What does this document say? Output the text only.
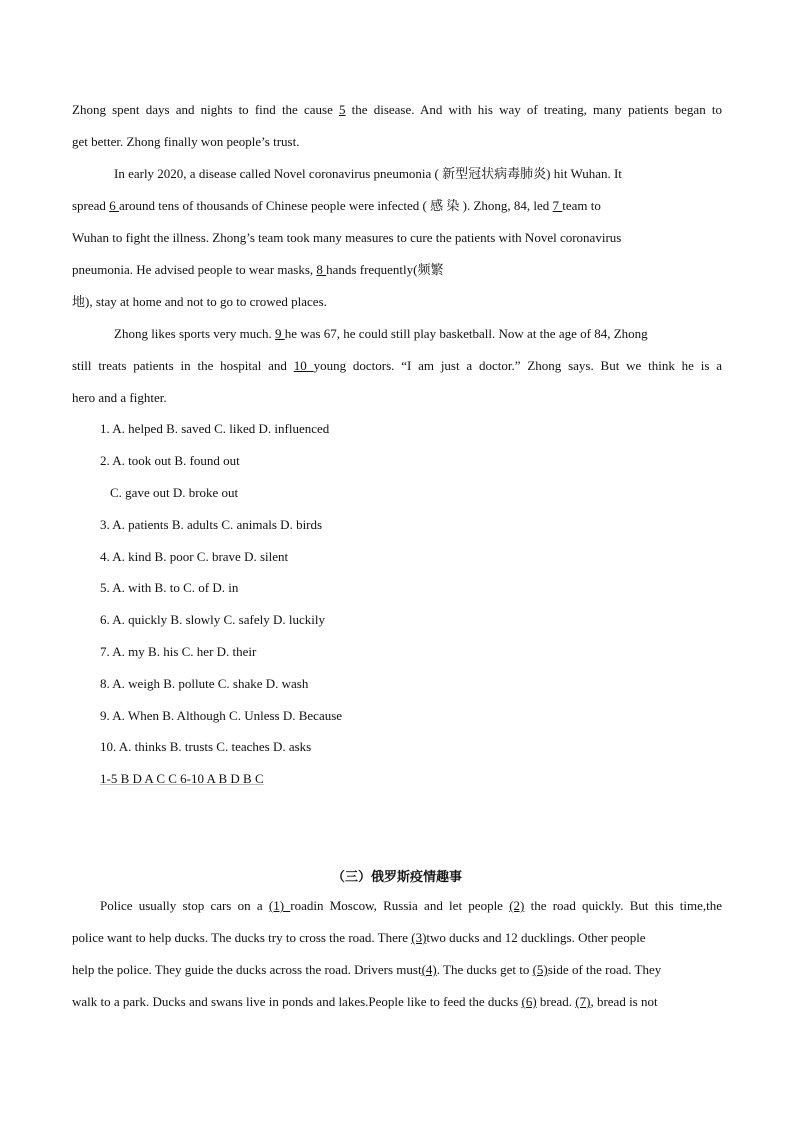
Zhong spent days and nights to find the cause 5 the disease. And with his way of treating, many patients began to
get better. Zhong finally won people’s trust.
In early 2020, a disease called Novel coronavirus pneumonia ( 新型冠状病毒肺炎) hit Wuhan. It
spread 6 around tens of thousands of Chinese people were infected ( 感 染 ). Zhong, 84, led 7 team to
Wuhan to fight the illness. Zhong’s team took many measures to cure the patients with Novel coronavirus
pneumonia. He advised people to wear masks, 8 hands frequently(频繁
地), stay at home and not to go to crowed places.
Zhong likes sports very much. 9 he was 67, he could still play basketball. Now at the age of 84, Zhong
still treats patients in the hospital and 10 young doctors. “I am just a doctor.” Zhong says. But we think he is a
hero and a fighter.
1. A. helped B. saved C. liked D. influenced
2. A. took out B. found out
C. gave out D. broke out
3. A. patients B. adults C. animals D. birds
4. A. kind B. poor C. brave D. silent
5. A. with B. to C. of D. in
6. A. quickly B. slowly C. safely D. luckily
7. A. my B. his C. her D. their
8. A. weigh B. pollute C. shake D. wash
9. A. When B. Although C. Unless D. Because
10. A. thinks B. trusts C. teaches D. asks
1-5 B D A C C 6-10 A B D B C
（三）俄罗斯疫情趣事
Police usually stop cars on a (1) roadin Moscow, Russia and let people (2) the road quickly. But this time,the
police want to help ducks. The ducks try to cross the road. There (3)two ducks and 12 ducklings. Other people
help the police. They guide the ducks across the road. Drivers must(4). The ducks get to (5)side of the road. They
walk to a park. Ducks and swans live in ponds and lakes.People like to feed the ducks (6) bread. (7), bread is not
